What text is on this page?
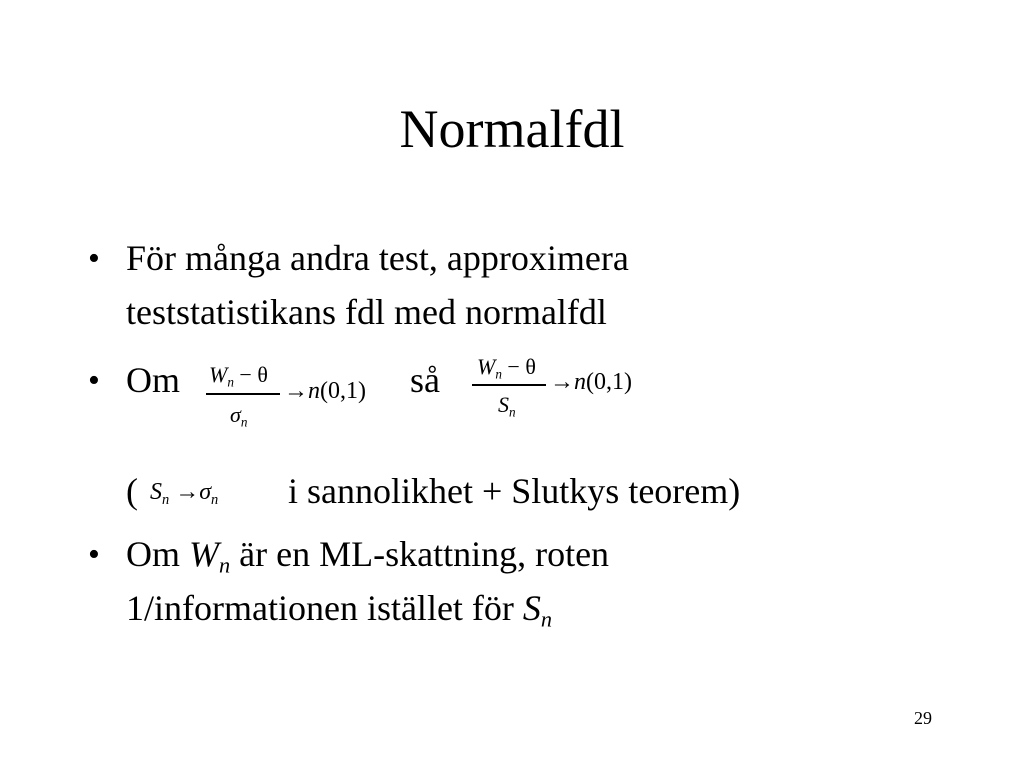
Normalfdl
• För många andra test, approximera
teststatistikans fdl med normalfdl
• Om $W_n - \theta$
$\sigma_n$
→n(0,1) så $W_n - \theta$
$S_n$
→n(0,1)
( $S_n \to\sigma_n$ i sannolikhet + Slutkys teorem)
• Om Wn är en ML-skattning, roten
1/informationen istället för Sn
29
